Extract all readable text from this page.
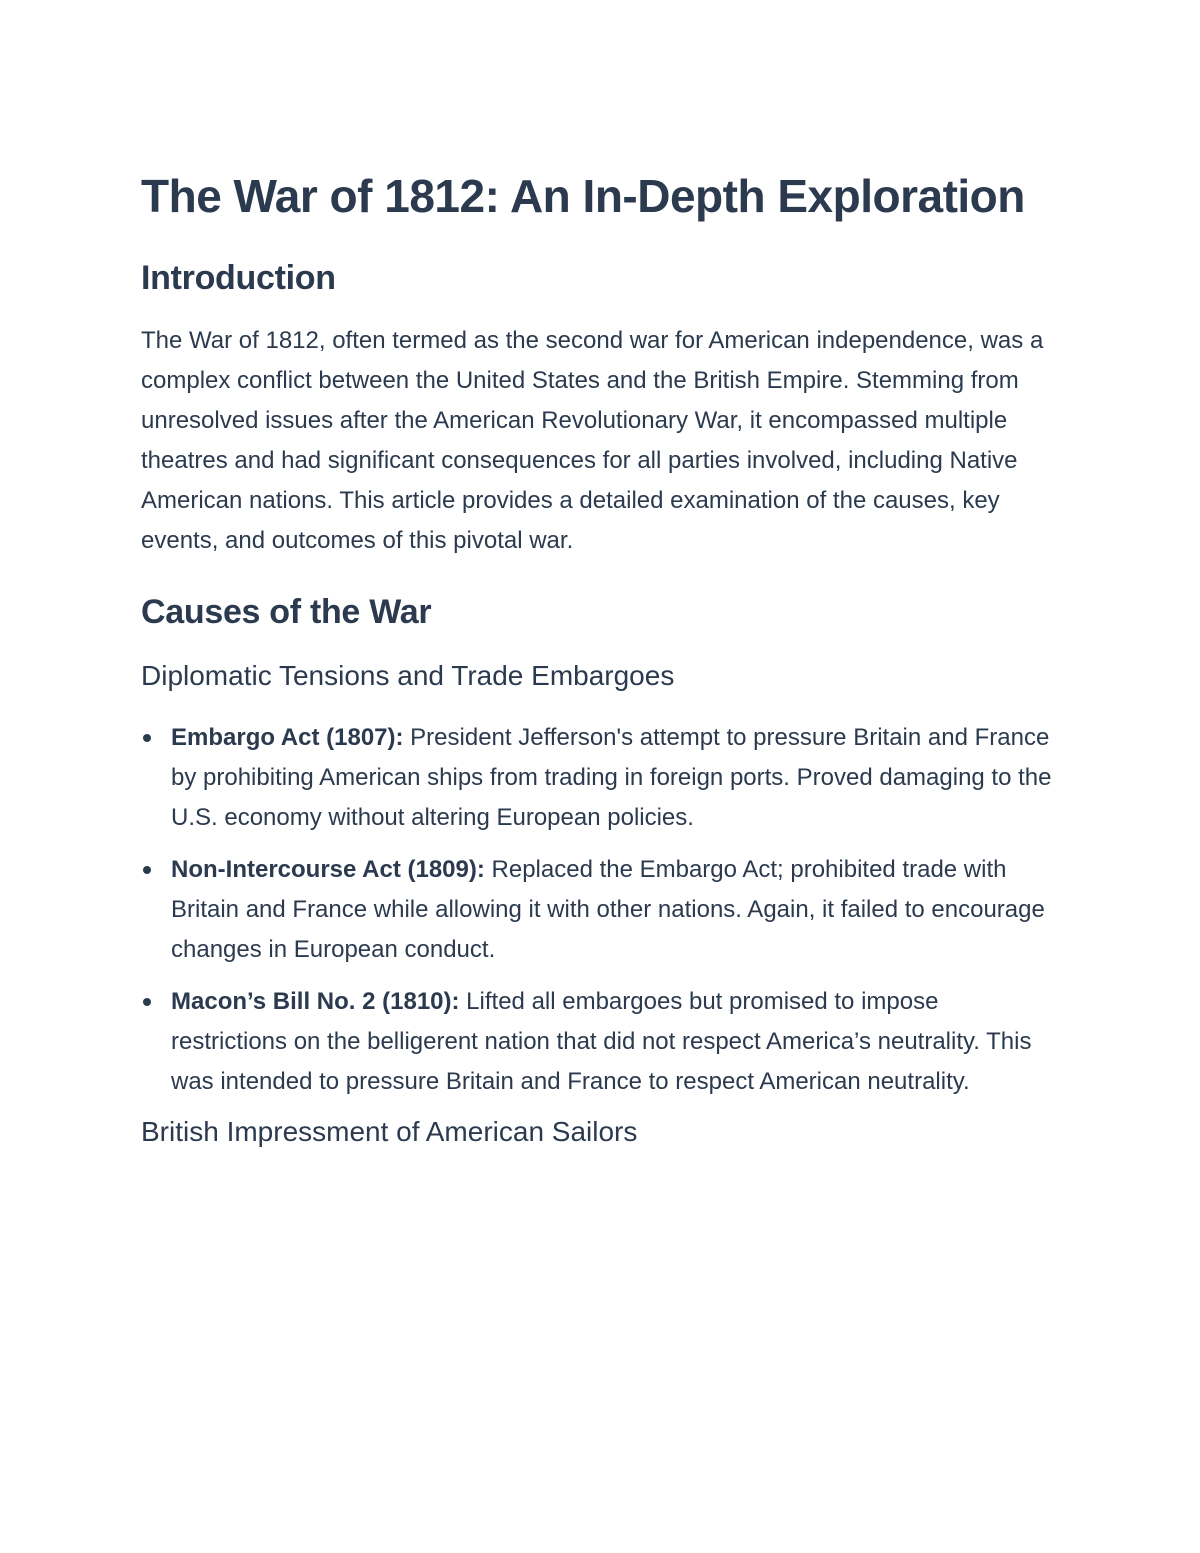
The War of 1812: An In-Depth Exploration
Introduction

The War of 1812, often termed as the second war for American independence, was a complex conflict between the United States and the British Empire. Stemming from unresolved issues after the American Revolutionary War, it encompassed multiple theatres and had significant consequences for all parties involved, including Native American nations. This article provides a detailed examination of the causes, key events, and outcomes of this pivotal war.

Causes of the War
Diplomatic Tensions and Trade Embargoes
Embargo Act (1807): President Jefferson's attempt to pressure Britain and France by prohibiting American ships from trading in foreign ports. Proved damaging to the U.S. economy without altering European policies.
Non-Intercourse Act (1809): Replaced the Embargo Act; prohibited trade with Britain and France while allowing it with other nations. Again, it failed to encourage changes in European conduct.
Macon’s Bill No. 2 (1810): Lifted all embargoes but promised to impose restrictions on the belligerent nation that did not respect America’s neutrality. This was intended to pressure Britain and France to respect American neutrality.
British Impressment of American Sailors
